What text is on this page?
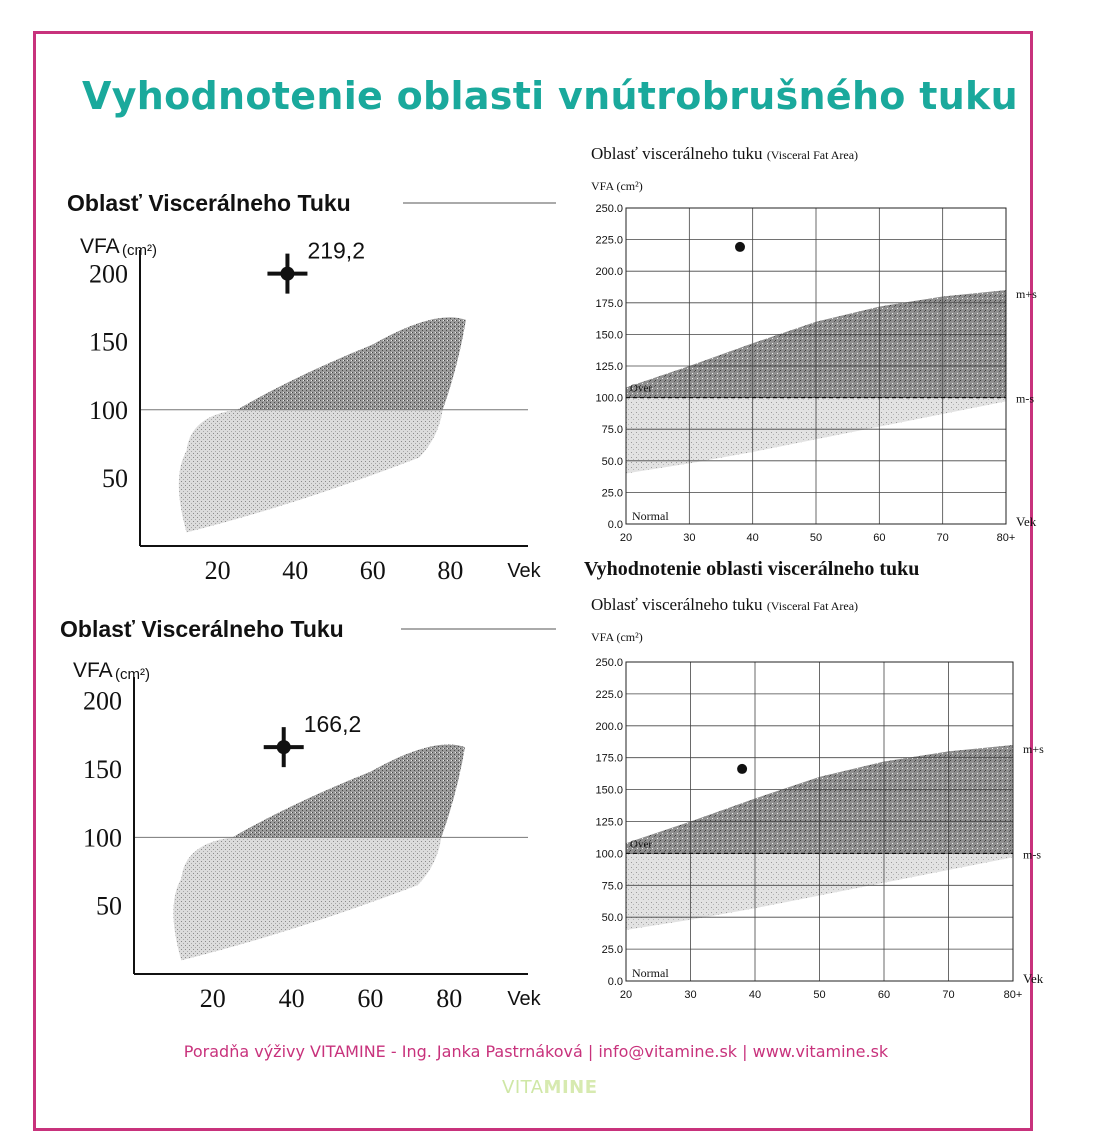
Vyhodnotenie oblasti vnútrobrušného tuku
Oblasť Viscerálneho Tuku
VFA (cm²)
50
100
150
200
20 40 60 80 Vek
219,2
Oblasť Viscerálneho Tuku
VFA (cm²)
50
100
150
200
20 40 60 80 Vek
166,2
Oblasť viscerálneho tuku (Visceral Fat Area)
VFA (cm²)
0.0
25.0
50.0
75.0
100.0
125.0
150.0
175.0
200.0
225.0
250.0
20	30	40	50	60	70	80+
Over
Normal
m+s
m-s
Vek
Vyhodnotenie oblasti viscerálneho tuku
Oblasť viscerálneho tuku (Visceral Fat Area)
VFA (cm²)
0.0
25.0
50.0
75.0
100.0
125.0
150.0
175.0
200.0
225.0
250.0
20	30	40	50	60	70	80+
Over
Normal
m+s
m-s
Vek
Poradňa výživy VITAMINE - Ing. Janka Pastrnáková | info@vitamine.sk | www.vitamine.sk
VITAMINE
